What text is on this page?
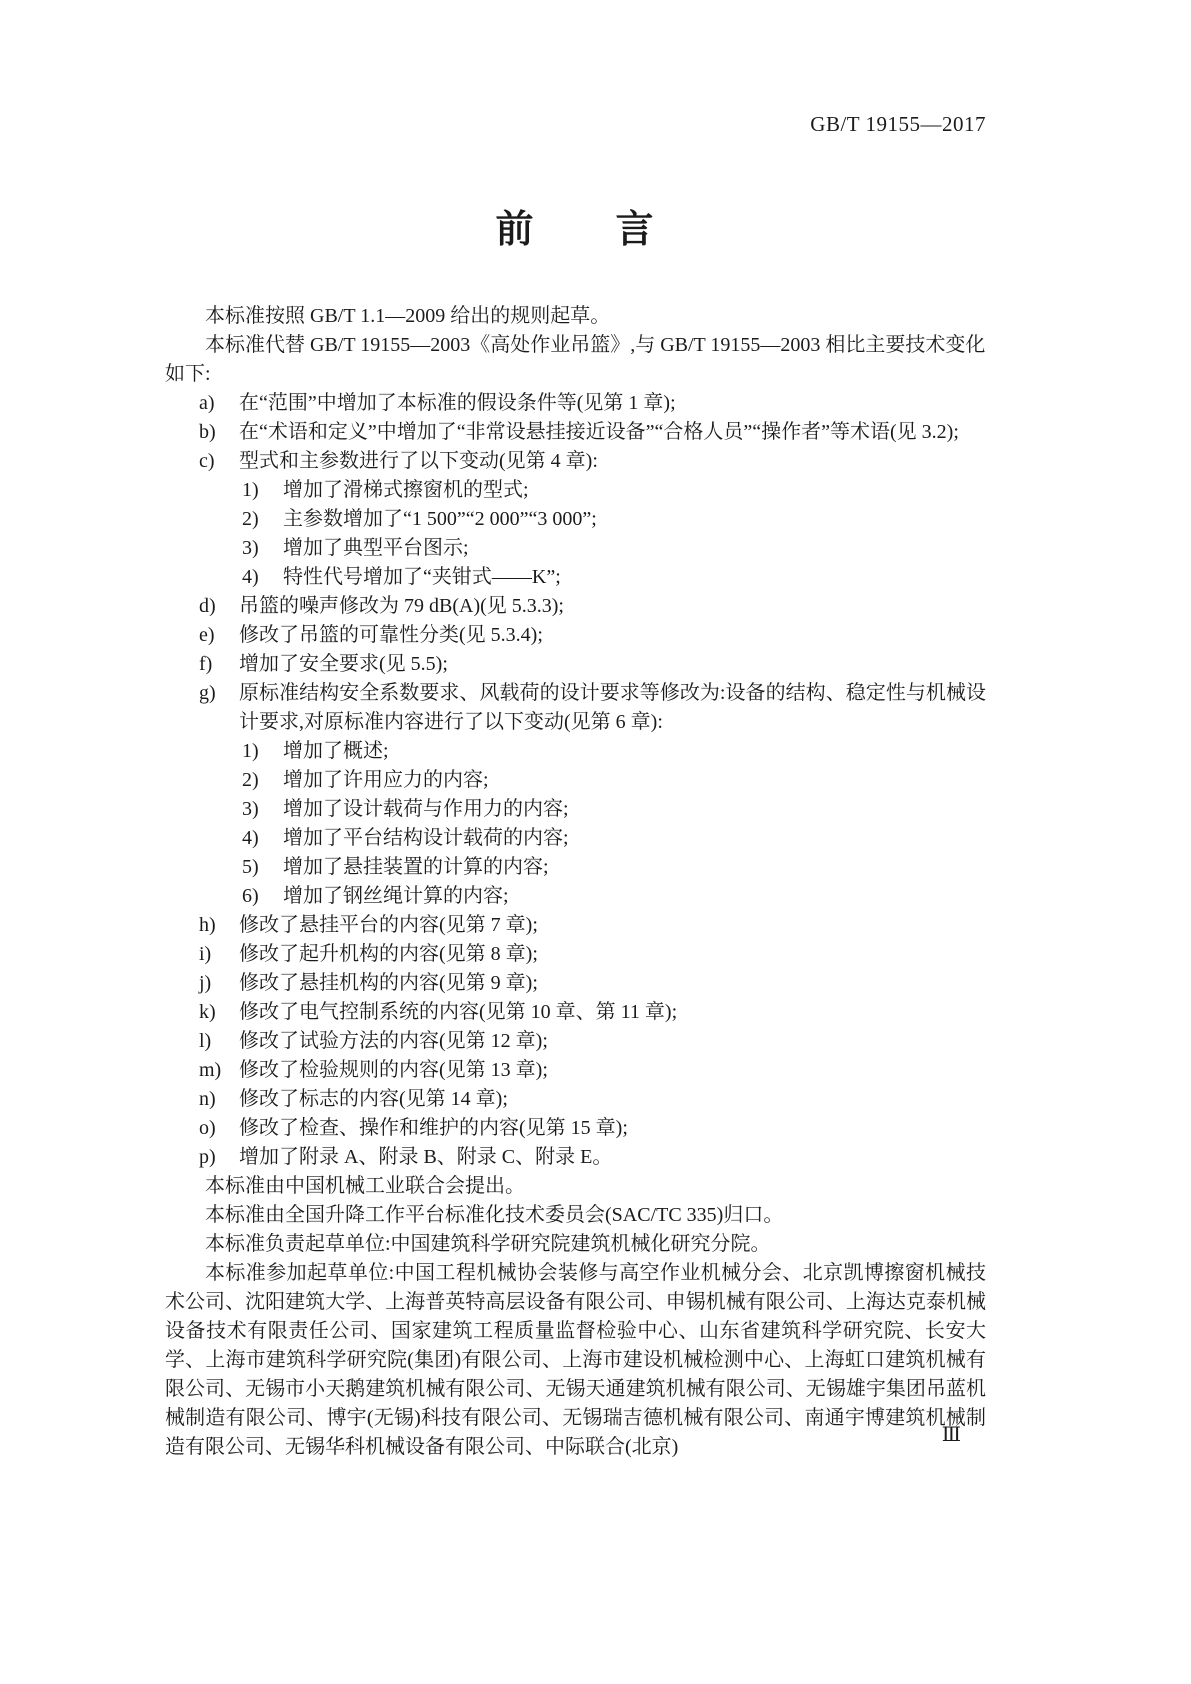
GB/T 19155—2017
前　　言

本标准按照 GB/T 1.1—2009 给出的规则起草。

本标准代替 GB/T 19155—2003《高处作业吊篮》,与 GB/T 19155—2003 相比主要技术变化如下:

a) 在“范围”中增加了本标准的假设条件等(见第 1 章);
b) 在“术语和定义”中增加了“非常设悬挂接近设备”“合格人员”“操作者”等术语(见 3.2);
c) 型式和主参数进行了以下变动(见第 4 章):
1) 增加了滑梯式擦窗机的型式;
2) 主参数增加了“1 500”“2 000”“3 000”;
3) 增加了典型平台图示;
4) 特性代号增加了“夹钳式——K”;
d) 吊篮的噪声修改为 79 dB(A)(见 5.3.3);
e) 修改了吊篮的可靠性分类(见 5.3.4);
f) 增加了安全要求(见 5.5);
g) 原标准结构安全系数要求、风载荷的设计要求等修改为:设备的结构、稳定性与机械设计要求,对原标准内容进行了以下变动(见第 6 章):
1) 增加了概述;
2) 增加了许用应力的内容;
3) 增加了设计载荷与作用力的内容;
4) 增加了平台结构设计载荷的内容;
5) 增加了悬挂装置的计算的内容;
6) 增加了钢丝绳计算的内容;
h) 修改了悬挂平台的内容(见第 7 章);
i) 修改了起升机构的内容(见第 8 章);
j) 修改了悬挂机构的内容(见第 9 章);
k) 修改了电气控制系统的内容(见第 10 章、第 11 章);
l) 修改了试验方法的内容(见第 12 章);
m) 修改了检验规则的内容(见第 13 章);
n) 修改了标志的内容(见第 14 章);
o) 修改了检查、操作和维护的内容(见第 15 章);
p) 增加了附录 A、附录 B、附录 C、附录 E。

本标准由中国机械工业联合会提出。

本标准由全国升降工作平台标准化技术委员会(SAC/TC 335)归口。

本标准负责起草单位:中国建筑科学研究院建筑机械化研究分院。

本标准参加起草单位:中国工程机械协会装修与高空作业机械分会、北京凯博擦窗机械技术公司、沈阳建筑大学、上海普英特高层设备有限公司、申锡机械有限公司、上海达克泰机械设备技术有限责任公司、国家建筑工程质量监督检验中心、山东省建筑科学研究院、长安大学、上海市建筑科学研究院(集团)有限公司、上海市建设机械检测中心、上海虹口建筑机械有限公司、无锡市小天鹅建筑机械有限公司、无锡天通建筑机械有限公司、无锡雄宇集团吊蓝机械制造有限公司、博宇(无锡)科技有限公司、无锡瑞吉德机械有限公司、南通宇博建筑机械制造有限公司、无锡华科机械设备有限公司、中际联合(北京)

Ⅲ
